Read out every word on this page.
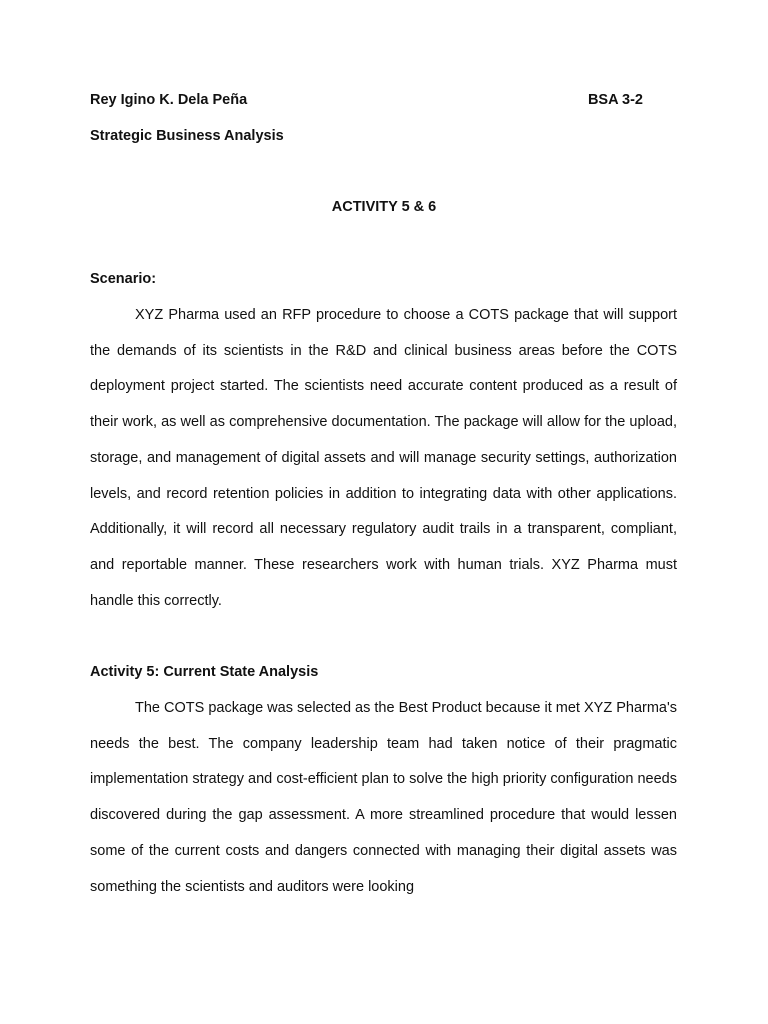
Rey Igino K. Dela Peña	BSA 3-2
Strategic Business Analysis
ACTIVITY 5 & 6
Scenario:

XYZ Pharma used an RFP procedure to choose a COTS package that will support the demands of its scientists in the R&D and clinical business areas before the COTS deployment project started. The scientists need accurate content produced as a result of their work, as well as comprehensive documentation. The package will allow for the upload, storage, and management of digital assets and will manage security settings, authorization levels, and record retention policies in addition to integrating data with other applications. Additionally, it will record all necessary regulatory audit trails in a transparent, compliant, and reportable manner. These researchers work with human trials. XYZ Pharma must handle this correctly.

Activity 5: Current State Analysis

The COTS package was selected as the Best Product because it met XYZ Pharma's needs the best. The company leadership team had taken notice of their pragmatic implementation strategy and cost-efficient plan to solve the high priority configuration needs discovered during the gap assessment. A more streamlined procedure that would lessen some of the current costs and dangers connected with managing their digital assets was something the scientists and auditors were looking
